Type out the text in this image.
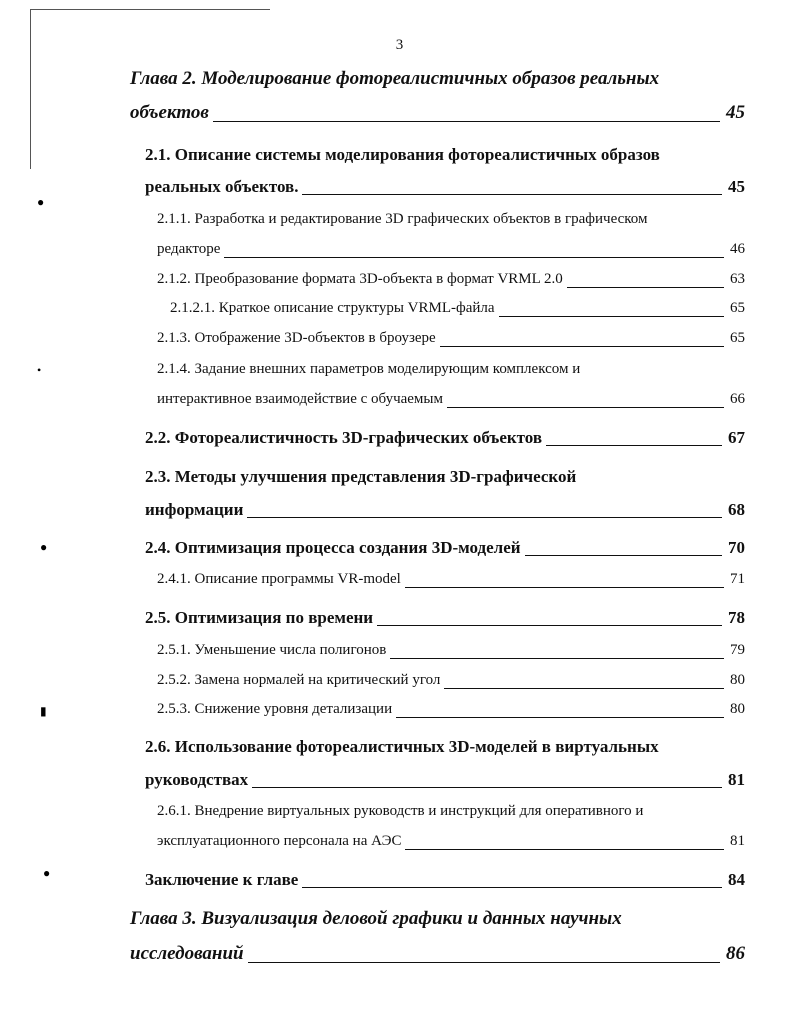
●
•
●
▮
●
3
Глава 2. Моделирование фотореалистичных образов реальных
объектов	45
2.1. Описание системы моделирования фотореалистичных образов
реальных объектов.	45
2.1.1. Разработка и редактирование 3D графических объектов в графическом
редакторе	46
2.1.2. Преобразование формата 3D-объекта в формат VRML 2.0	63
2.1.2.1. Краткое описание структуры VRML-файла	65
2.1.3. Отображение 3D-объектов в броузере	65
2.1.4. Задание внешних параметров моделирующим комплексом и
интерактивное взаимодействие с обучаемым	66
2.2. Фотореалистичность 3D-графических объектов	67
2.3. Методы улучшения представления 3D-графической
информации	68
2.4. Оптимизация процесса создания 3D-моделей	70
2.4.1. Описание программы VR-model	71
2.5. Оптимизация по времени	78
2.5.1. Уменьшение числа полигонов	79
2.5.2. Замена нормалей на критический угол	80
2.5.3. Снижение уровня детализации	80
2.6. Использование фотореалистичных 3D-моделей в виртуальных
руководствах	81
2.6.1. Внедрение виртуальных руководств и инструкций для оперативного и
эксплуатационного персонала на АЭС	81
Заключение к главе	84
Глава 3. Визуализация деловой графики и данных научных
исследований	86
